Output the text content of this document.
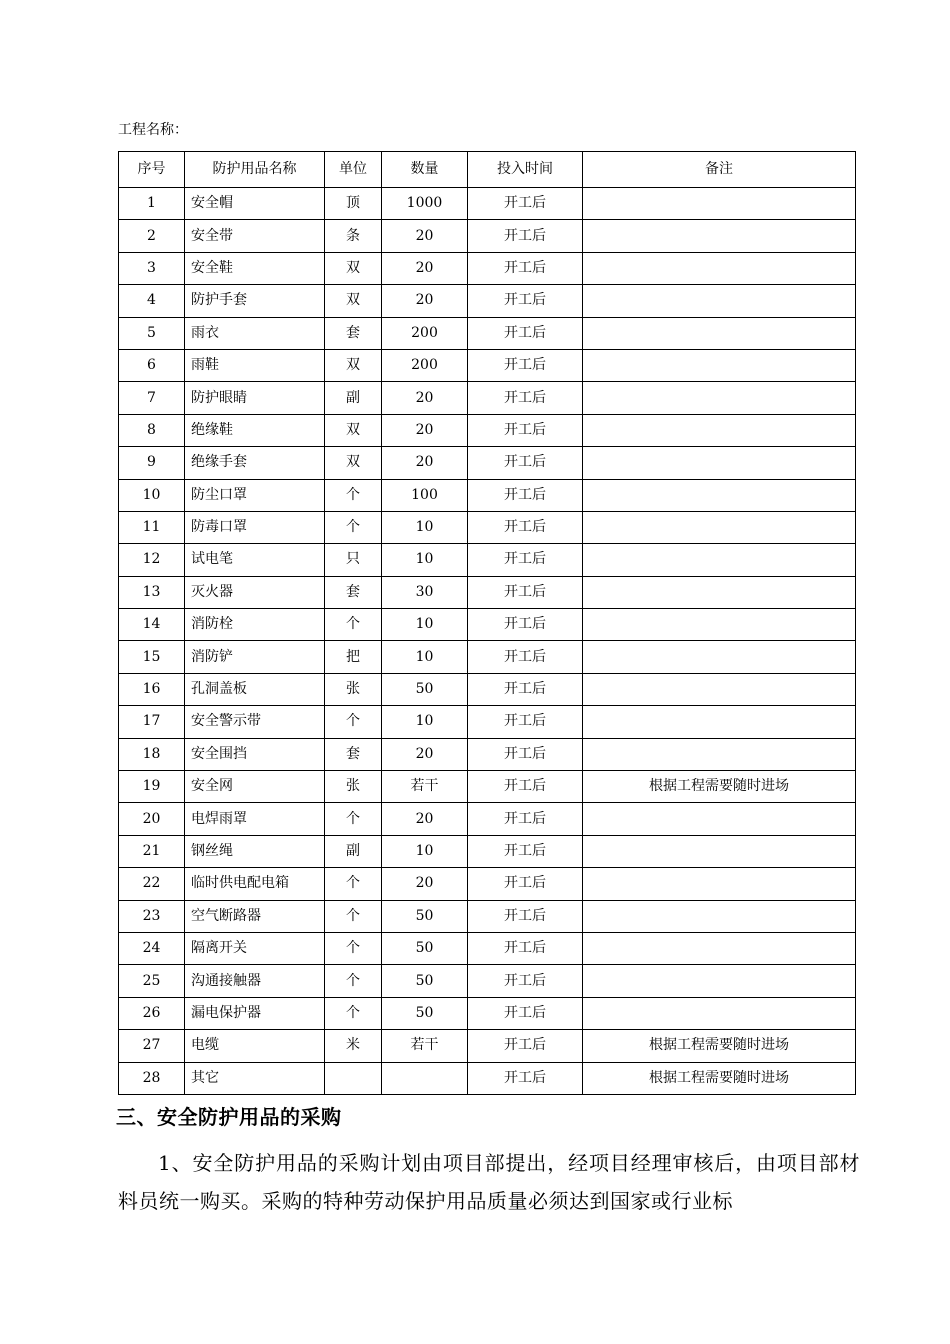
工程名称：
序号	防护用品名称	单位	数量	投入时间	备注
1	安全帽	顶	1000	开工后	
2	安全带	条	20	开工后	
3	安全鞋	双	20	开工后	
4	防护手套	双	20	开工后	
5	雨衣	套	200	开工后	
6	雨鞋	双	200	开工后	
7	防护眼睛	副	20	开工后	
8	绝缘鞋	双	20	开工后	
9	绝缘手套	双	20	开工后	
10	防尘口罩	个	100	开工后	
11	防毒口罩	个	10	开工后	
12	试电笔	只	10	开工后	
13	灭火器	套	30	开工后	
14	消防栓	个	10	开工后	
15	消防铲	把	10	开工后	
16	孔洞盖板	张	50	开工后	
17	安全警示带	个	10	开工后	
18	安全围挡	套	20	开工后	
19	安全网	张	若干	开工后	根据工程需要随时进场
20	电焊雨罩	个	20	开工后	
21	钢丝绳	副	10	开工后	
22	临时供电配电箱	个	20	开工后	
23	空气断路器	个	50	开工后	
24	隔离开关	个	50	开工后	
25	沟通接触器	个	50	开工后	
26	漏电保护器	个	50	开工后	
27	电缆	米	若干	开工后	根据工程需要随时进场
28	其它			开工后	根据工程需要随时进场
三、安全防护用品的采购
1、安全防护用品的采购计划由项目部提出，经项目经理审核后，由项目部材料员统一购买。采购的特种劳动保护用品质量必须达到国家或行业标
